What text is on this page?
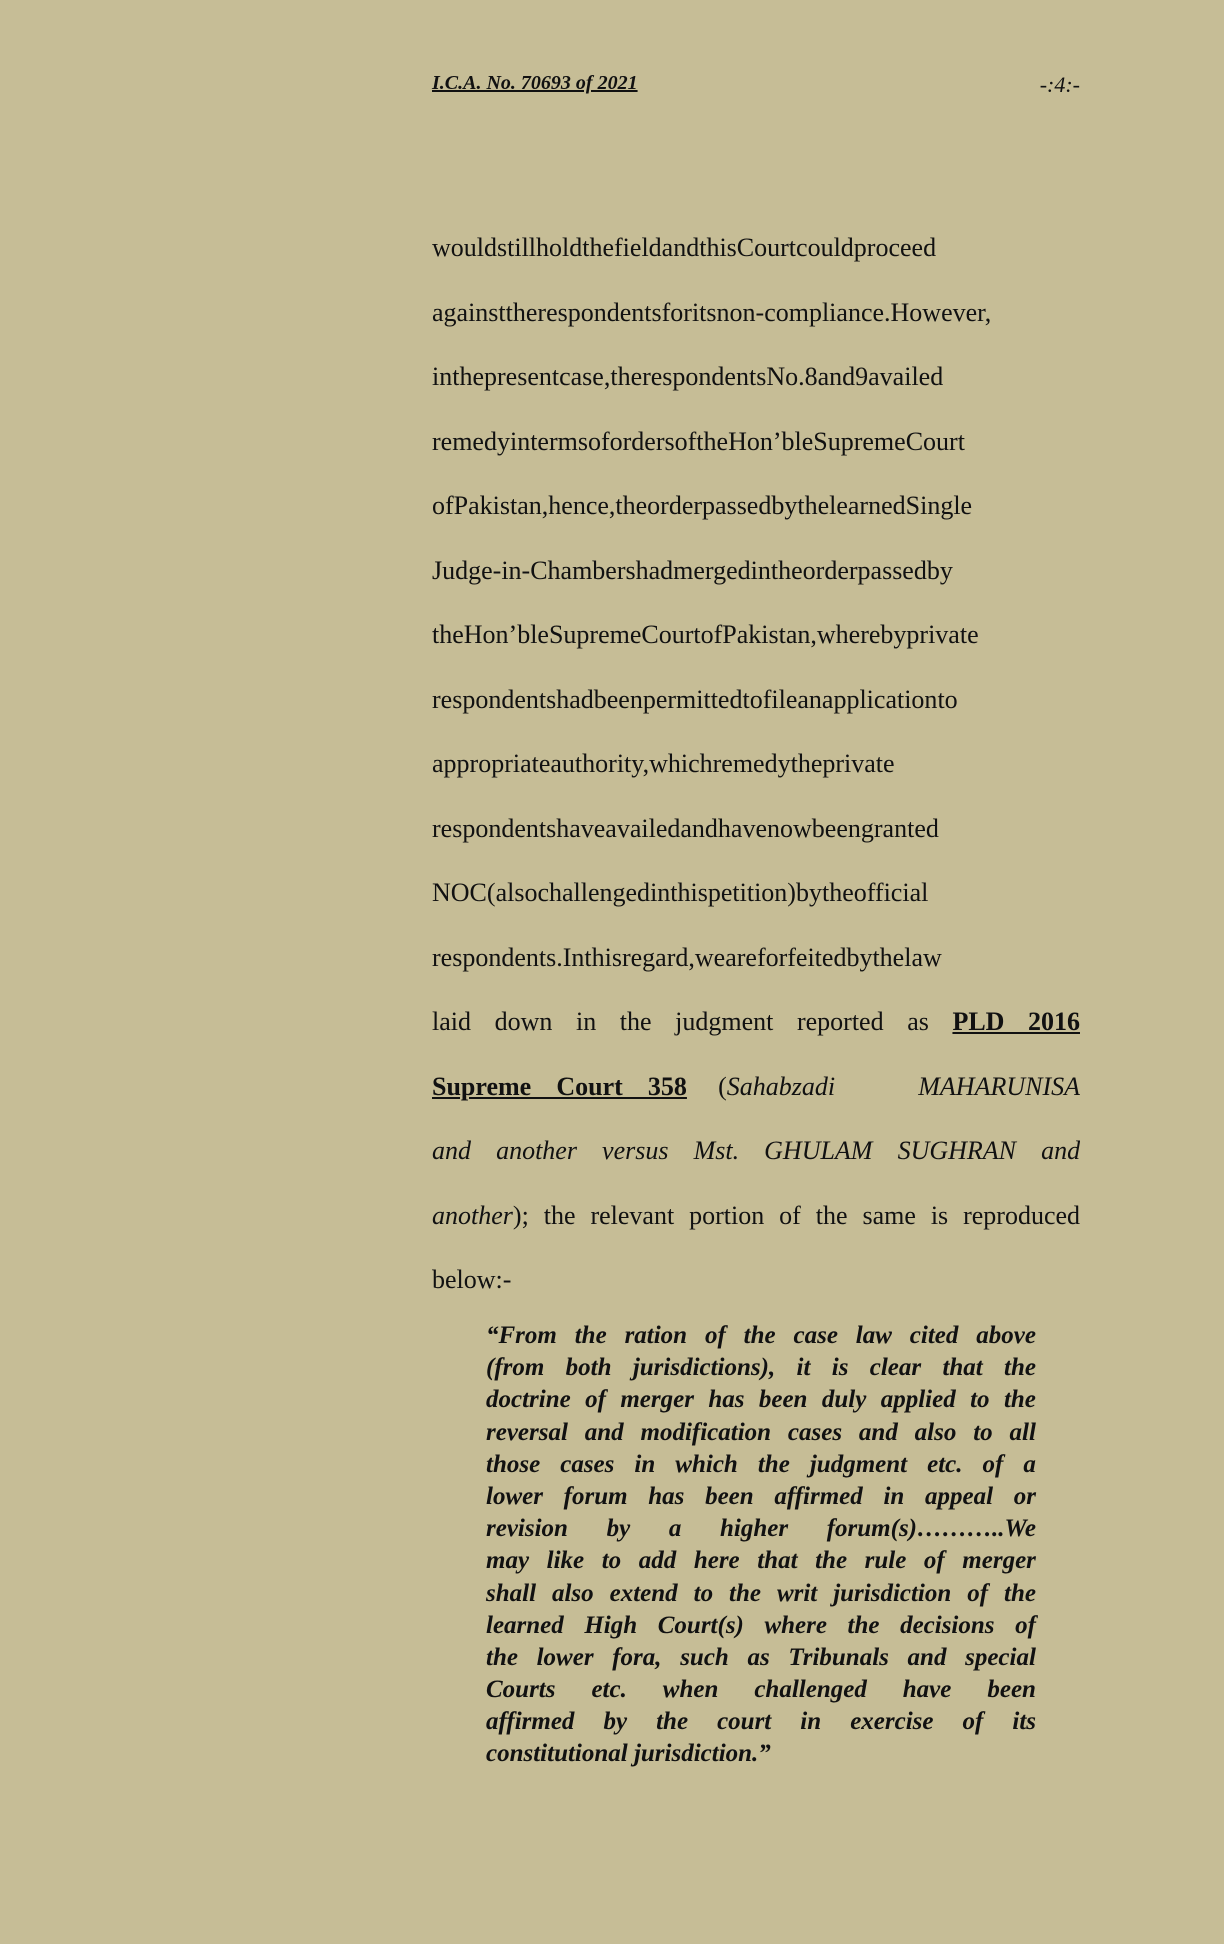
I.C.A. No. 70693 of 2021	-:4:-
wouldstillholdthefieldandthisCourtcouldproceed
againsttherespondentsforitsnon-compliance.However,
inthepresentcase,therespondentsNo.8and9availed
remedyintermsofordersoftheHon’bleSupremeCourt
ofPakistan,hence,theorderpassedbythelearnedSingle
Judge-in-Chambershadmergedintheorderpassedby
theHon’bleSupremeCourtofPakistan,wherebyprivate
respondentshadbeenpermittedtofileanapplicationto
appropriateauthority,whichremedytheprivate
respondentshaveavailedandhavenowbeengranted
NOC(alsochallengedinthispetition)bytheofficial
respondents.Inthisregard,weareforfeitedbythelaw
laid down in the judgment reported as PLD 2016
Supreme Court 358 (Sahabzadi	MAHARUNISA
and another versus Mst. GHULAM SUGHRAN and
another); the relevant portion of the same is reproduced
below:-
“From the ration of the case law cited above
(from both jurisdictions), it is clear that the
doctrine of merger has been duly applied to the
reversal and modification cases and also to all
those cases in which the judgment etc. of a
lower forum has been affirmed in appeal or
revision by a higher forum(s)………..We
may like to add here that the rule of merger
shall also extend to the writ jurisdiction of the
learned High Court(s) where the decisions of
the lower fora, such as Tribunals and special
Courts etc. when challenged have been
affirmed by the court in exercise of its
constitutional jurisdiction.”
